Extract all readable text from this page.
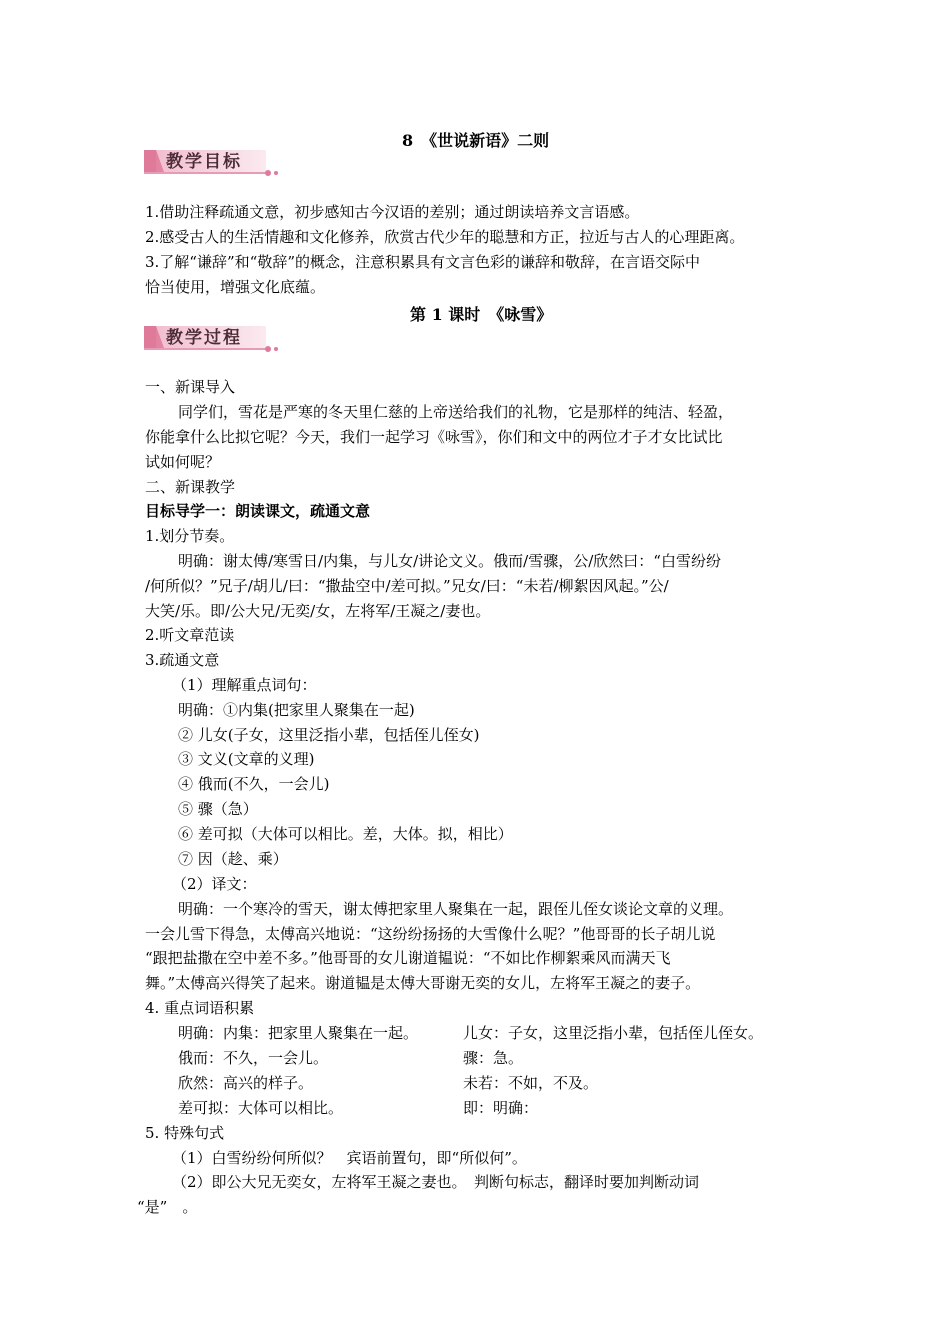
8　《世说新语》二则
教学目标
1.借助注释疏通文意，初步感知古今汉语的差别；通过朗读培养文言语感。
2.感受古人的生活情趣和文化修养，欣赏古代少年的聪慧和方正，拉近与古人的心理距离。
3.了解“谦辞”和“敬辞”的概念，注意积累具有文言色彩的谦辞和敬辞，在言语交际中
恰当使用，增强文化底蕴。
第 1 课时　《咏雪》
教学过程
一、新课导入
同学们，雪花是严寒的冬天里仁慈的上帝送给我们的礼物，它是那样的纯洁、轻盈，
你能拿什么比拟它呢？今天，我们一起学习《咏雪》，你们和文中的两位才子才女比试比
试如何呢？
二、新课教学
目标导学一：朗读课文，疏通文意
1.划分节奏。
明确：谢太傅/寒雪日/内集，与儿女/讲论文义。俄而/雪骤，公/欣然曰：“白雪纷纷
/何所似？”兄子/胡儿/曰：“撒盐空中/差可拟。”兄女/曰：“未若/柳絮因风起。”公/
大笑/乐。即/公大兄/无奕/女，左将军/王凝之/妻也。
2.听文章范读
3.疏通文意
（1）理解重点词句：
明确：①内集(把家里人聚集在一起)
② 儿女(子女，这里泛指小辈，包括侄儿侄女)
③ 文义(文章的义理)
④ 俄而(不久，一会儿)
⑤ 骤（急）
⑥ 差可拟（大体可以相比。差，大体。拟，相比）
⑦ 因（趁、乘）
（2）译文：
明确：一个寒冷的雪天，谢太傅把家里人聚集在一起，跟侄儿侄女谈论文章的义理。
一会儿雪下得急，太傅高兴地说：“这纷纷扬扬的大雪像什么呢？”他哥哥的长子胡儿说
“跟把盐撒在空中差不多。”他哥哥的女儿谢道韫说：“不如比作柳絮乘风而满天飞
舞。”太傅高兴得笑了起来。谢道韫是太傅大哥谢无奕的女儿，左将军王凝之的妻子。
4. 重点词语积累
明确：内集：把家里人聚集在一起。	儿女：子女，这里泛指小辈，包括侄儿侄女。
俄而：不久，一会儿。	骤：急。
欣然：高兴的样子。	未若：不如，不及。
差可拟：大体可以相比。	即：明确：
5. 特殊句式
（1）白雪纷纷何所似？　宾语前置句，即“所似何”。
（2）即公大兄无奕女，左将军王凝之妻也。　判断句标志，翻译时要加判断动词
“是”　。
